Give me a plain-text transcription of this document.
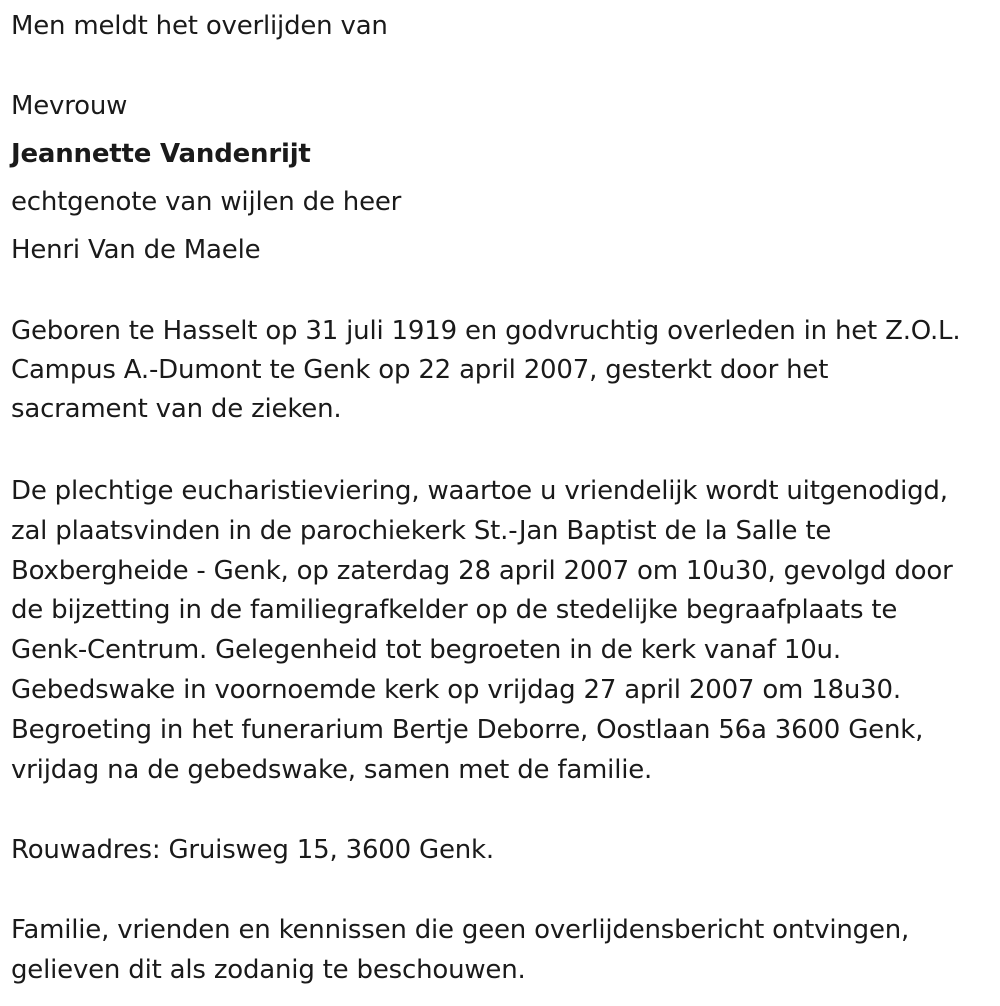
Men meldt het overlijden van
Mevrouw
Jeannette Vandenrijt
echtgenote van wijlen de heer
Henri Van de Maele
Geboren te Hasselt op 31 juli 1919 en godvruchtig overleden in het Z.O.L.
Campus A.-Dumont te Genk op 22 april 2007, gesterkt door het
sacrament van de zieken.
De plechtige eucharistieviering, waartoe u vriendelijk wordt uitgenodigd,
zal plaatsvinden in de parochiekerk St.-Jan Baptist de la Salle te
Boxbergheide - Genk, op zaterdag 28 april 2007 om 10u30, gevolgd door
de bijzetting in de familiegrafkelder op de stedelijke begraafplaats te
Genk-Centrum. Gelegenheid tot begroeten in de kerk vanaf 10u.
Gebedswake in voornoemde kerk op vrijdag 27 april 2007 om 18u30.
Begroeting in het funerarium Bertje Deborre, Oostlaan 56a 3600 Genk,
vrijdag na de gebedswake, samen met de familie.
Rouwadres: Gruisweg 15, 3600 Genk.
Familie, vrienden en kennissen die geen overlijdensbericht ontvingen,
gelieven dit als zodanig te beschouwen.
